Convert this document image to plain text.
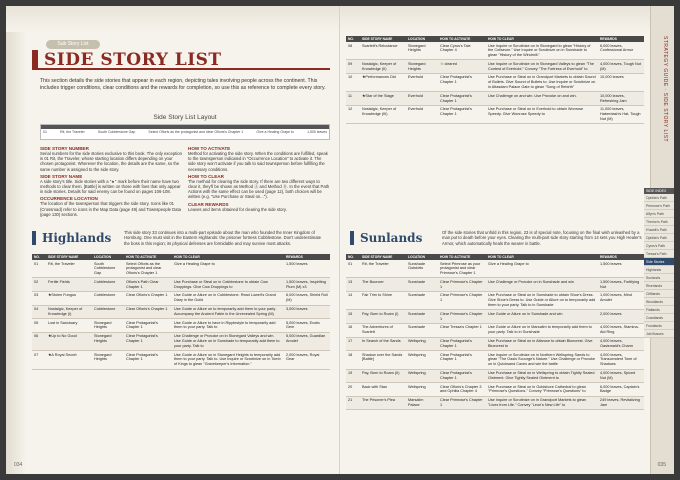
Sub Story List
SIDE STORY LIST
This section details the side stories that appear in each region, depicting tales involving people across the continent. This includes trigger conditions, clear conditions and the rewards for completion, so use this as reference to complete every story.
Side Story List Layout
01	Rit, the Traveler	South Cobblestone Gap	Select Ofloris as the protagonist and clear Ofloris's Chapter 1	Give a Healing Grape to	1,500 leaves
SIDE STORY NUMBER
Serial numbers for the side stories exclusive to this book. The only exception is 01 Rit, the Traveler, whose starting location differs depending on your chosen protagonist. Wherever the location, the details are the same, so the same number is assigned to the side story.
SIDE STORY NAME
A side story's title. Side stories with a "★" mark before their name have two methods to clear them. [Battle] is written on those with foes that only appear in side stories. Details for said enemy can be found on pages 106-108.
OCCURRENCE LOCATION
The location of the townsperson that triggers the side story. Icons like 01 (Crossroad) refer to icons in the Map Data (page 49) and Townspeople Data (page 130) sections.
HOW TO ACTIVATE
Method for activating the side story. When the conditions are fulfilled, speak to the townsperson indicated in "Occurrence Location" to activate it. The side story won't activate if you talk to said townsperson before fulfilling the necessary conditions.
HOW TO CLEAR
The method for clearing the side story. If there are two different ways to clear it, they'll be shown as Method Ⓐ and Method Ⓑ. In the event that Path Actions with the same effect can be used (page 12), both choices will be written (e.g. "Use Purchase or Steal on...").
CLEAR REWARDS
Leaves and items obtained for clearing the side story.
Highlands	This side story 33 continues into a multi-part episode about the man who founded the Inner Kingdom of Hornburg. One must visit in the Eastern Highlands: the prisoner fortress Cobblestone. Don't underestimate the boss in this region; its physical defenses are formidable and may survive most attacks.
NO.	SIDE STORY NAME	LOCATION	HOW TO ACTIVATE	HOW TO CLEAR	REWARDS
01	Rit, the Traveler	South Cobblestone Gap	Select Ofloris as the protagonist and clear Ofloris's Chapter 1	Give a Healing Grape to	1,500 leaves
02	Fertile Fields	Cobblestone	Ofloris's Path Clear Chapter 1	Use Purchase or Steal on in Cobblestone to obtain Cow Droppings. Give Cow Droppings to	1,500 leaves, Inspiriting Plum (M) x3
03	★Stolen Fungus	Cobblestone	Clear Ofloris's Chapter 1	Use Guide or Allure on in Cobblestone. Read Lowell's Grand Diary in the Guild	6,000 leaves, Shield Roll (M)
04	Nostalgic, Keeper of Knowledge (I)	Cobblestone	Clear Ofloris's Chapter 1	Use Guide or Allure on to temporarily add them to your party. Accompany the Ancient Fable in the Unrevealed Spring (M)	3,000 leaves
05	Lost in Sanctuary	Stonegard Heights	Clear Protagonist's Chapter 1	Use Guide or Allure to have in Ripplestyle to temporarily add them to your party. Talk to	5,000 leaves, Exotic Gem
06	★Up to No Good	Stonegard Heights	Clear Protagonist's Chapter 1	Use Challenge or Provoke on in Stonegard Valleys and win. Use Guide or Allure on in Sunshade to temporarily add them to your party. Talk to	5,000 leaves, Guardian Amulet
07	★A Royal Secret	Stonegard Heights	Clear Protagonist's Chapter 1	Use Guide or Allure on in Stonegard Heights to temporarily add them to your party. Talk to. Use Inquire or Scrutinize on in Tomb of Kings to glean "Gravekeeper's Information."	2,000 leaves, Royal Gear
034
NO.	SIDE STORY NAME	LOCATION	HOW TO ACTIVATE	HOW TO CLEAR	REWARDS
08	Scarlett's Reluctance	Stonegard Heights	Clear Cyrus's Tale Chapter 4	Use Inquire or Scrutinize on in Stonegard to glean "History of the Coliseum." Use Inquire or Scrutinize on in Sunshade to glean "History of the Windmill."	6,000 leaves, Confessional Armor
09	Nostalgic, Keeper of Knowledge (II)	Stonegard Heights	☆ cleared	Use Inquire or Scrutinize on in Stonegard Valleys to glean "The Contest of Everhold." Convey "The Fortress of Everhold" to	4,000 leaves, Tough Nut (M)
10	★Performances Did	Everhold	Clear Protagonist's Chapter 1	Use Purchase or Steal on in Grandport Markets to obtain Sound of Bullets. Give Sound of Bullets to. Use Inquire or Scrutinize on in Atlasdam Palace Gate to glean "Song of Rebirth"	10,000 leaves
11	★Star of the Stage	Everhold	Clear Protagonist's Chapter 1	Use Challenge on and win. Use Provoke on and win.	10,000 leaves, Refreshing Jam
12	Nostalgic, Keeper of Knowledge (III)	Everhold	Clear Protagonist's Chapter 1	Use Purchase or Steal on in Everhold to obtain Wonrose Speedy. Give Wonrose Speedy to	11,000 leaves, Haberdash's Hat, Tough Nut (M)
Sunlands	Of the side stories that unfold in this region, 23 is of special note, focusing on the final wish unleashed by a man put to death before your eyes. Clearing the multi-part side story starting from 14 sets you High Healer's Armor, which automatically heals the wearer in battle.
NO.	SIDE STORY NAME	LOCATION	HOW TO ACTIVATE	HOW TO CLEAR	REWARDS
01	Rit, the Traveler	Sunshade Outskirts	Select Primrose as your protagonist and clear Primrose's Chapter 1	Give a Healing Grape to	1,500 leaves
13	The Bouncer	Sunshade	Clear Primrose's Chapter 1	Use Challenge or Provoke on in Sunshade and win	1,500 leaves, Fortifying Nut
14	Fair Trim to Shine	Sunshade	Clear Primrose's Chapter 1	Use Purchase or Steal on in Sunshade to obtain Shoe's Dress. Give Shoe's Dress to. Use Guide or Allure on to temporarily add them to your party. Talk to in Sunshade	1,000 leaves, Mind Amulet
15	Pay, Born to Roam (I)	Sunshade	Clear Primrose's Chapter 1	Use Guide or Allure on in Sunshade and win	2,000 leaves
16	The Adventures of Scarlett	Sunshade	Clear Tressa's Chapter 1	Use Guide or Allure on in Marsalim to temporarily add them to your party. Talk to in Sunshade	4,000 leaves, Stamina-Aid Ring
17	In Search of the Sands	Wellspring	Clear Protagonist's Chapter 1	Use Purchase or Steal on in Alfarose to obtain Bluecrest. Give Bluecrest to	4,000 leaves, Oasismaid's Charm
18	Shadow over the Sands [Battle]	Wellspring	Clear Protagonist's Chapter 1	Use Inquire or Scrutinize on in Northern Wellspring Sands to glean "The Oasis Scourge's Nature." Use Challenge or Provoke on in Quicksand Caves and win the battle	4,000 leaves, Transcendent Tone of Shadows
19	Pay, Born to Roam (II)	Wellspring	Clear Protagonist's Chapter 1	Use Purchase or Steal on in Wellspring to obtain Tightly Sealed Ointment. Give Tightly Sealed Ointment to	4,000 leaves, Spiced Nut (M)
20	Back with Stan	Wellspring	Clear Ofloris's Chapter 3 and Ophilia Chapter 4	Use Purchase or Steal on in Goldshore Cathedral to glean "Primrose's Questions." Convey "Primrose's Questions" to	6,000 leaves, Captain's Badge
21	The Prisoner's Plea	Marsalim Palace	Clear Primrose's Chapter 1	Use Inquire or Scrutinize on in Grandport Markets to glean "Lives from Life." Convey "Leon's New Life" to	249 leaves, Revitalizing Jam
STRATEGY GUIDE · SIDE STORY LIST
SIDE INDEX
Ophilia's Path
Primrose's Path
Alfyn's Path
Therion's Path
H'aanit's Path
Ophilia's Path
Cyrus's Path
Tressa's Path
Side Stories
Highlands
Sunlands
Riverlands
Cliftlands
Woodlands
Flatlands
Coastlands
Frostlands
Job Bosses
035
